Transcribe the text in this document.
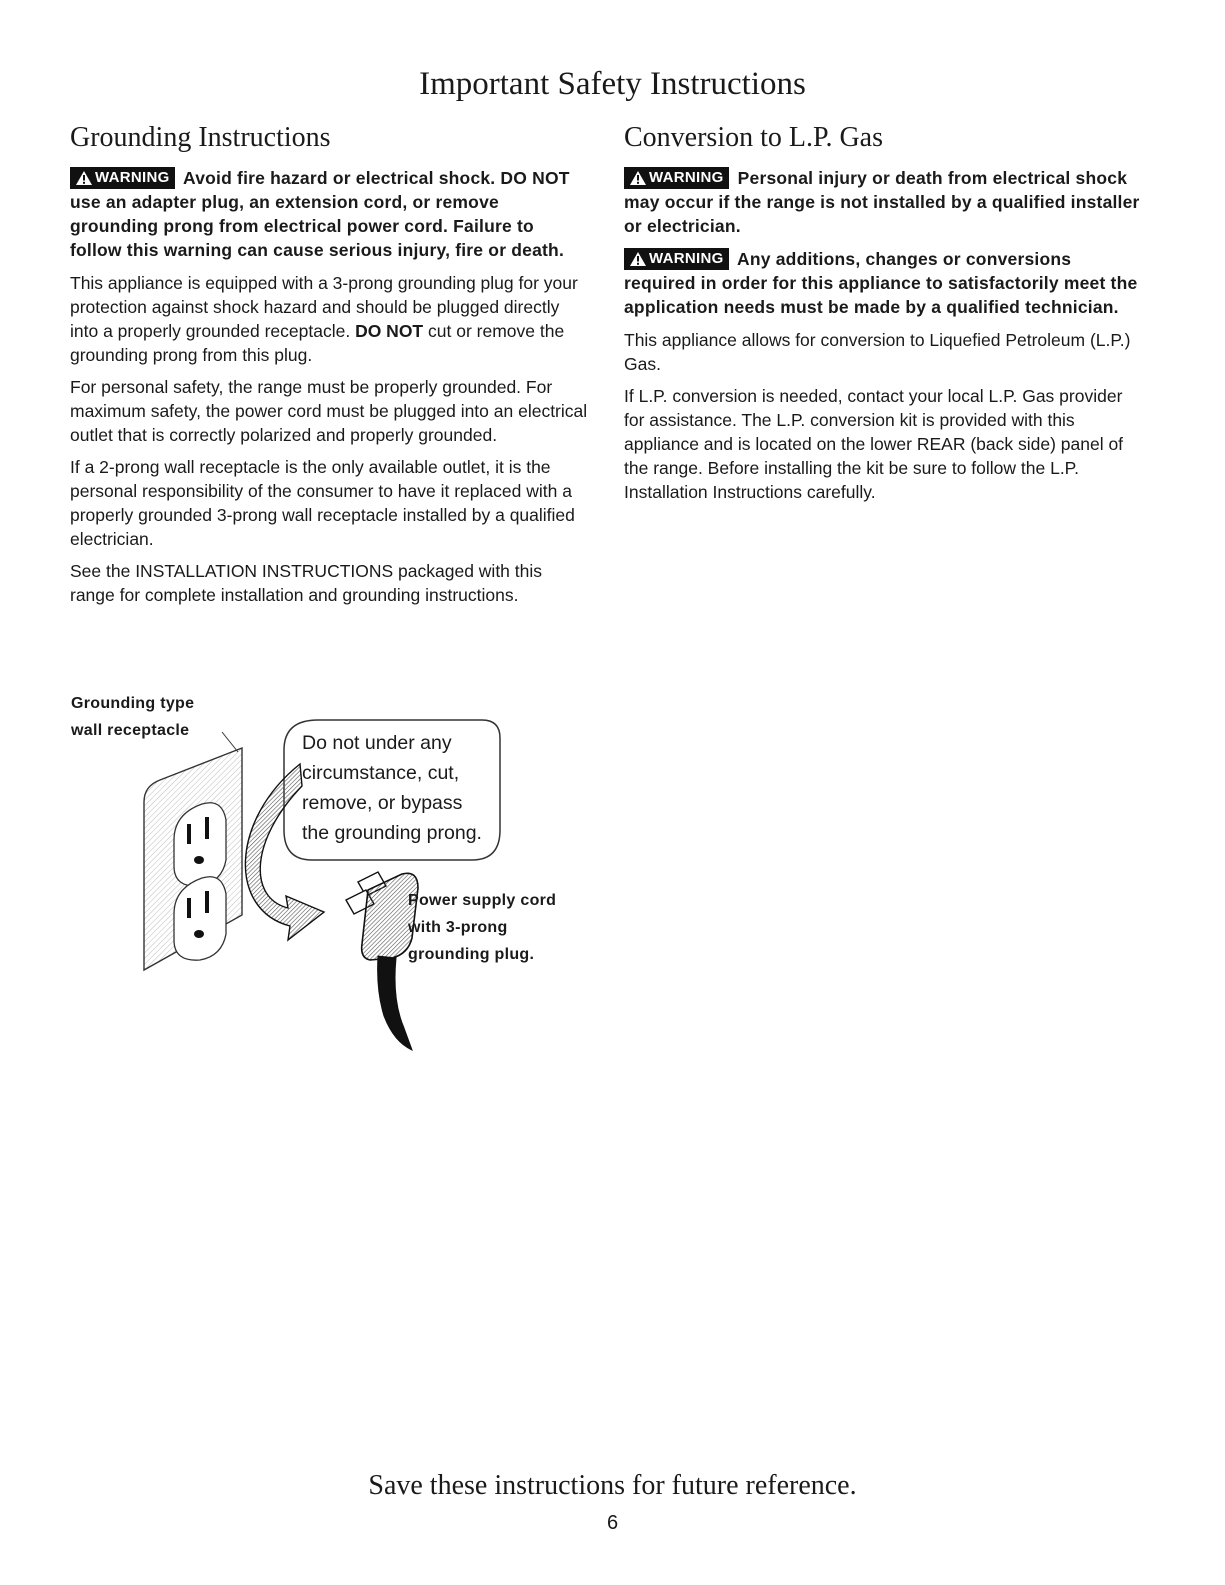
Important Safety Instructions
Grounding Instructions

WARNING Avoid fire hazard or electrical shock. DO NOT use an adapter plug, an extension cord, or remove grounding prong from electrical power cord. Failure to follow this warning can cause serious injury, fire or death.

This appliance is equipped with a 3-prong grounding plug for your protection against shock hazard and should be plugged directly into a properly grounded receptacle. DO NOT cut or remove the grounding prong from this plug.

For personal safety, the range must be properly grounded. For maximum safety, the power cord must be plugged into an electrical outlet that is correctly polarized and properly grounded.

If a 2-prong wall receptacle is the only available outlet, it is the personal responsibility of the consumer to have it replaced with a properly grounded 3-prong wall receptacle installed by a qualified electrician.

See the INSTALLATION INSTRUCTIONS packaged with this range for complete installation and grounding instructions.

Conversion to L.P. Gas

WARNING Personal injury or death from electrical shock may occur if the range is not installed by a qualified installer or electrician.

WARNING Any additions, changes or conversions required in order for this appliance to satisfactorily meet the application needs must be made by a qualified technician.

This appliance allows for conversion to Liquefied Petroleum (L.P.) Gas.

If L.P. conversion is needed, contact your local L.P. Gas provider for assistance. The L.P. conversion kit is provided with this appliance and is located on the lower REAR (back side) panel of the range. Before installing the kit be sure to follow the L.P. Installation Instructions carefully.

Grounding type
wall receptacle
Do not under any
circumstance, cut,
remove, or bypass
the grounding prong.
Power supply cord
with 3-prong
grounding plug.
Save these instructions for future reference.
6
